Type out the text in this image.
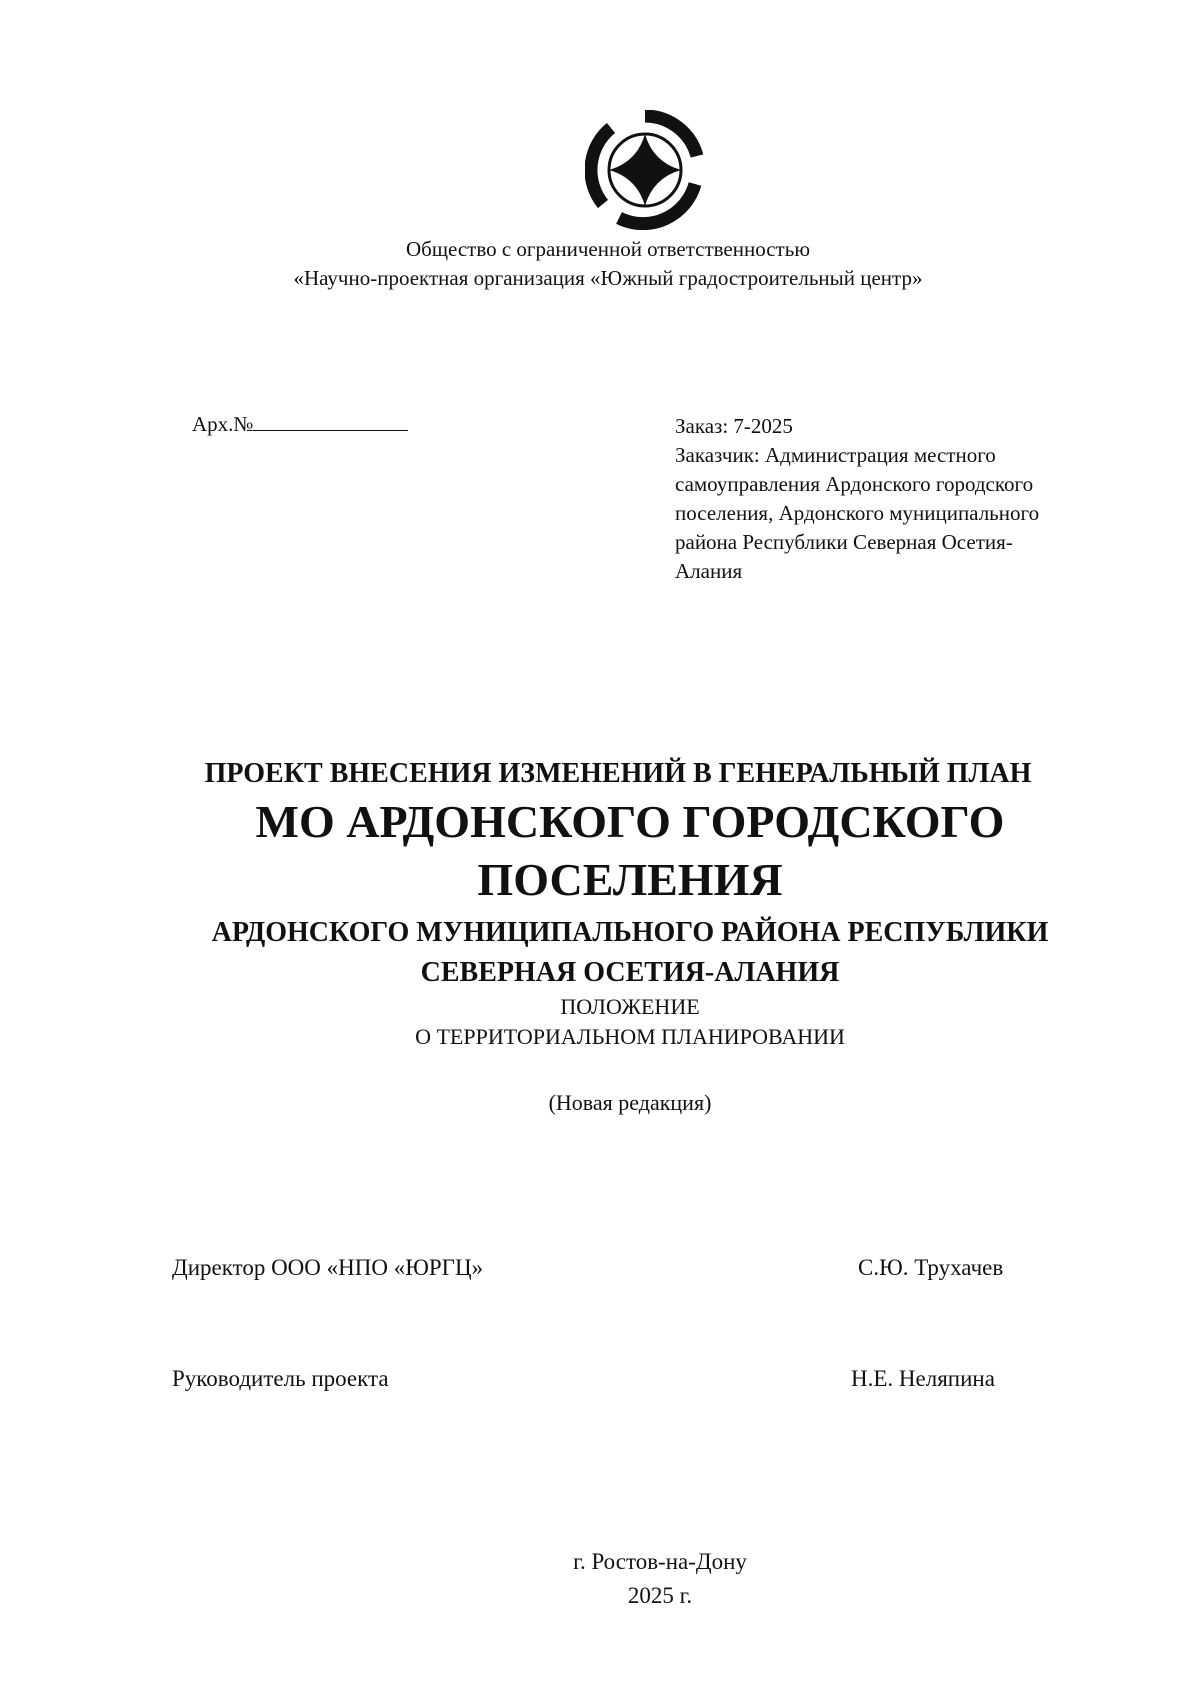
Общество с ограниченной ответственностью
«Научно-проектная организация «Южный градостроительный центр»
Арх.№	Заказ: 7-2025
Заказчик: Администрация местного
самоуправления Ардонского городского
поселения, Ардонского муниципального
района Республики Северная Осетия-
Алания
ПРОЕКТ ВНЕСЕНИЯ ИЗМЕНЕНИЙ В ГЕНЕРАЛЬНЫЙ ПЛАН
МО АРДОНСКОГО ГОРОДСКОГО
ПОСЕЛЕНИЯ
АРДОНСКОГО МУНИЦИПАЛЬНОГО РАЙОНА РЕСПУБЛИКИ
СЕВЕРНАЯ ОСЕТИЯ-АЛАНИЯ
ПОЛОЖЕНИЕ
О ТЕРРИТОРИАЛЬНОМ ПЛАНИРОВАНИИ
(Новая редакция)
Директор ООО «НПО «ЮРГЦ»	С.Ю. Трухачев
Руководитель проекта	Н.Е. Неляпина
г. Ростов-на-Дону
2025 г.
